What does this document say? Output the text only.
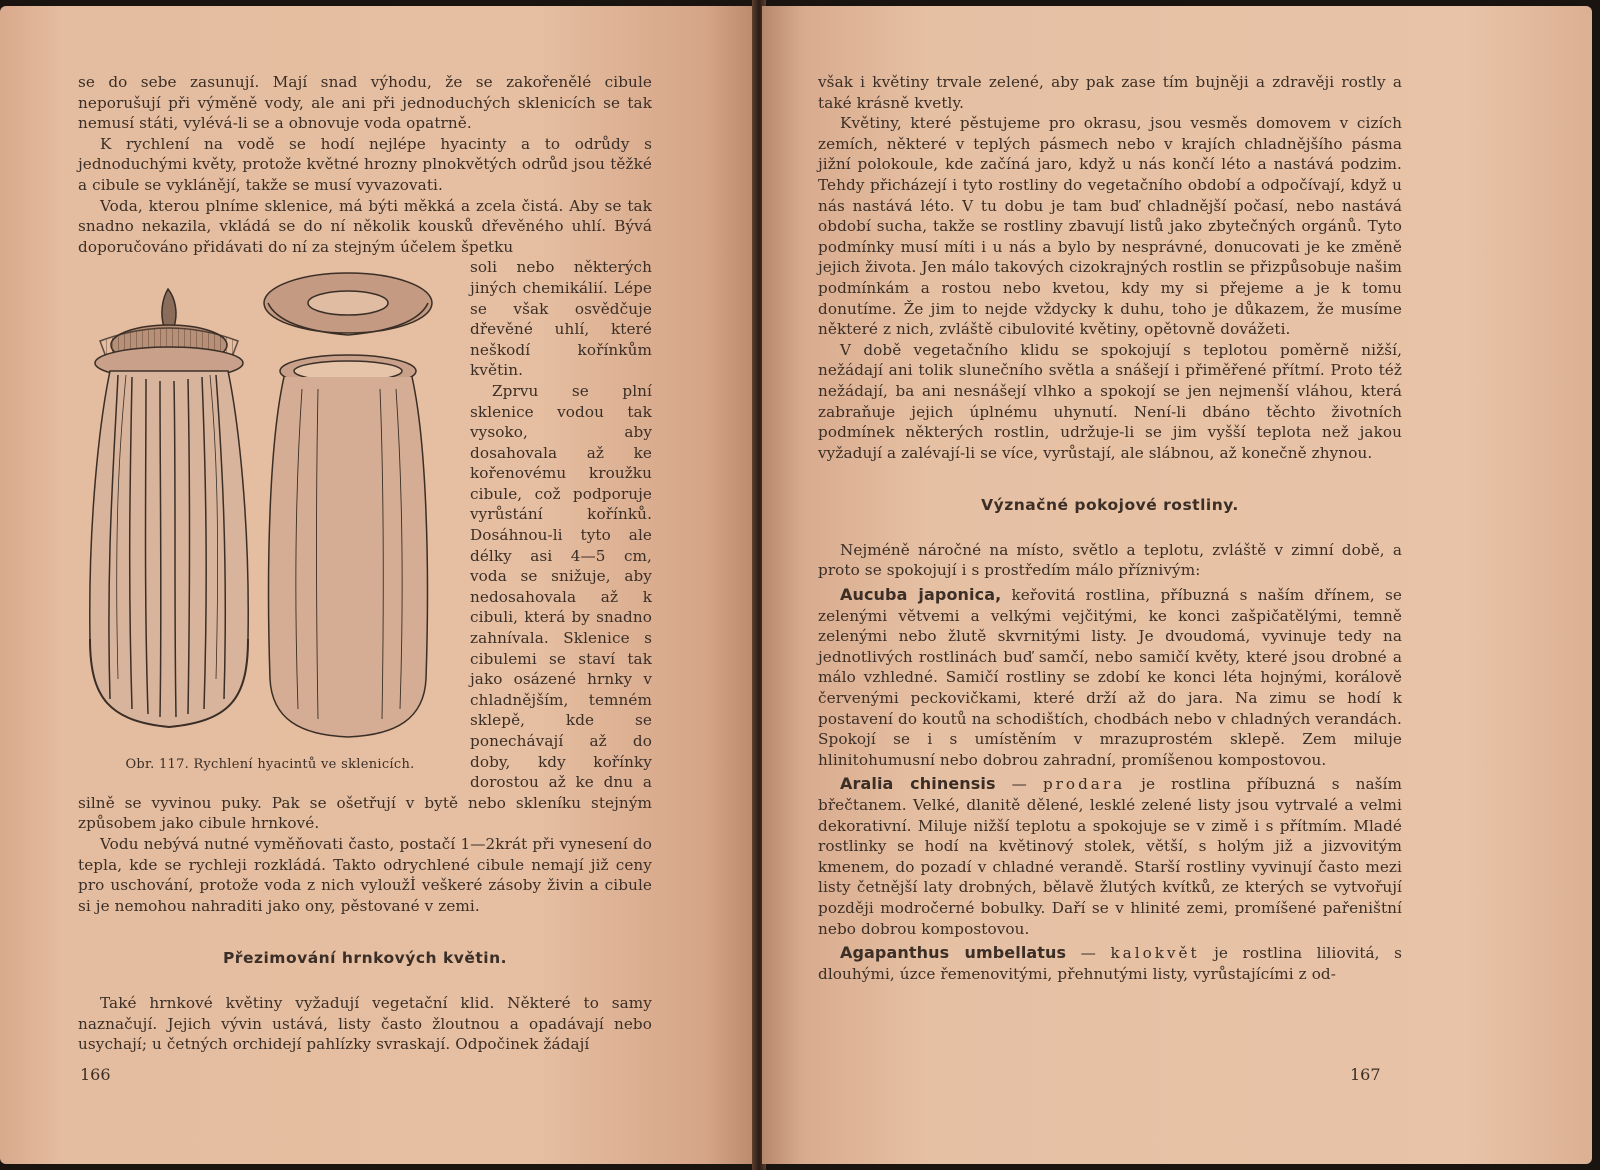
se do sebe zasunují. Mají snad výhodu, že se zakořenělé cibule neporušují při výměně vody, ale ani při jednoduchých sklenicích se tak nemusí státi, vylévá-li se a obnovuje voda opatrně.

K rychlení na vodě se hodí nejlépe hyacinty a to odrůdy s jednoduchými květy, protože květné hrozny plnokvětých odrůd jsou těžké a cibule se vyklánějí, takže se musí vyvazovati.

Voda, kterou plníme sklenice, má býti měkká a zcela čistá. Aby se tak snadno nekazila, vkládá se do ní několik kousků dřevěného uhlí. Bývá doporučováno přidávati do ní za stejným účelem špetku

Obr. 117. Rychlení hyacintů ve sklenicích.

soli nebo některých jiných chemikálií. Lépe se však osvědčuje dřevěné uhlí, které neškodí kořínkům květin.

Zprvu se plní sklenice vodou tak vysoko, aby dosahovala až ke kořenovému kroužku cibule, což podporuje vyrůstání kořínků. Dosáhnou-li tyto ale délky asi 4—5 cm, voda se snižuje, aby nedosahovala až k cibuli, která by snadno zahnívala. Sklenice s cibulemi se staví tak jako osázené hrnky v chladnějším, temném sklepě, kde se ponechávají až do doby, kdy kořínky dorostou až ke dnu a silně se vyvinou puky. Pak se ošetřují v bytě nebo skleníku stejným způsobem jako cibule hrnkové.

Vodu nebývá nutné vyměňovati často, postačí 1—2krát při vynesení do tepla, kde se rychleji rozkládá. Takto odrychlené cibule nemají již ceny pro uschování, protože voda z nich vyloužİ veškeré zásoby živin a cibule si je nemohou nahraditi jako ony, pěstované v zemi.

Přezimování hrnkových květin.

Také hrnkové květiny vyžadují vegetační klid. Některé to samy naznačují. Jejich vývin ustává, listy často žloutnou a opadávají nebo usychají; u četných orchidejí pahlízky svraskají. Odpočinek žádají

166

však i květiny trvale zelené, aby pak zase tím bujněji a zdravěji rostly a také krásně kvetly.

Květiny, které pěstujeme pro okrasu, jsou vesměs domovem v cizích zemích, některé v teplých pásmech nebo v krajích chladnějšího pásma jižní polokoule, kde začíná jaro, když u nás končí léto a nastává podzim. Tehdy přicházejí i tyto rostliny do vegetačního období a odpočívají, když u nás nastává léto. V tu dobu je tam buď chladnější počasí, nebo nastává období sucha, takže se rostliny zbavují listů jako zbytečných orgánů. Tyto podmínky musí míti i u nás a bylo by nesprávné, donucovati je ke změně jejich života. Jen málo takových cizokrajných rostlin se přizpůsobuje našim podmínkám a rostou nebo kvetou, kdy my si přejeme a je k tomu donutíme. Že jim to nejde vždycky k duhu, toho je důkazem, že musíme některé z nich, zvláště cibulovité květiny, opětovně dovážeti.

V době vegetačního klidu se spokojují s teplotou poměrně nižší, nežádají ani tolik slunečního světla a snášejí i přiměřené přítmí. Proto též nežádají, ba ani nesnášejí vlhko a spokojí se jen nejmenší vláhou, která zabraňuje jejich úplnému uhynutí. Není-li dbáno těchto životních podmínek některých rostlin, udržuje-li se jim vyšší teplota než jakou vyžadují a zalévají-li se více, vyrůstají, ale slábnou, až konečně zhynou.

Význačné pokojové rostliny.

Nejméně náročné na místo, světlo a teplotu, zvláště v zimní době, a proto se spokojují i s prostředím málo příznivým:

Aucuba japonica, keřovitá rostlina, příbuzná s naším dřínem, se zelenými větvemi a velkými vejčitými, ke konci zašpičatělými, temně zelenými nebo žlutě skvrnitými listy. Je dvoudomá, vyvinuje tedy na jednotlivých rostlinách buď samčí, nebo samičí květy, které jsou drobné a málo vzhledné. Samičí rostliny se zdobí ke konci léta hojnými, korálově červenými peckovičkami, které drží až do jara. Na zimu se hodí k postavení do koutů na schodištích, chodbách nebo v chladných verandách. Spokojí se i s umístěním v mrazuprostém sklepě. Zem miluje hlinitohumusní nebo dobrou zahradní, promíšenou kompostovou.

Aralia chinensis — prodara je rostlina příbuzná s naším břečtanem. Velké, dlanitě dělené, lesklé zelené listy jsou vytrvalé a velmi dekorativní. Miluje nižší teplotu a spokojuje se v zimě i s přítmím. Mladé rostlinky se hodí na květinový stolek, větší, s holým již a jizvovitým kmenem, do pozadí v chladné verandě. Starší rostliny vyvinují často mezi listy četnější laty drobných, bělavě žlutých kvítků, ze kterých se vytvořují později modročerné bobulky. Daří se v hlinité zemi, promíšené pařeništní nebo dobrou kompostovou.

Agapanthus umbellatus — kalokvět je rostlina liliovitá, s dlouhými, úzce řemenovitými, přehnutými listy, vyrůstajícími z od-

167
